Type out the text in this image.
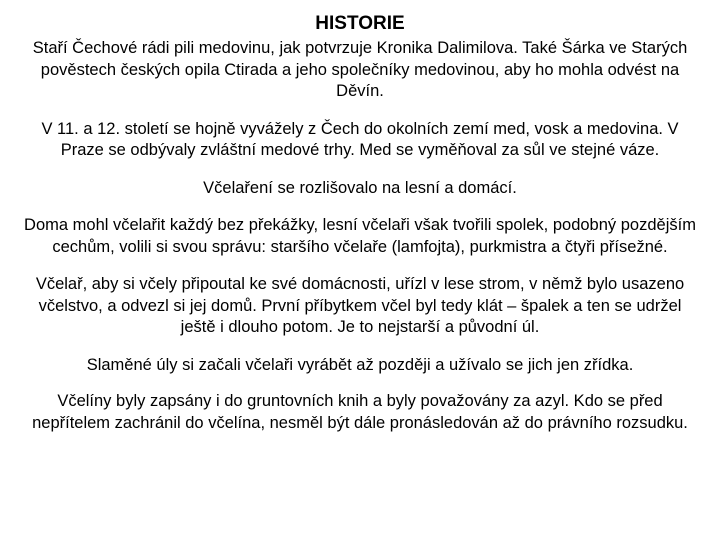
HISTORIE

Staří Čechové rádi pili medovinu, jak potvrzuje Kronika Dalimilova. Také Šárka ve Starých pověstech českých opila Ctirada a jeho společníky medovinou, aby ho mohla odvést na Děvín.

V 11. a 12. století se hojně vyvážely z Čech do okolních zemí med, vosk a medovina. V Praze se odbývaly zvláštní medové trhy. Med se vyměňoval za sůl ve stejné váze.

Včelaření se rozlišovalo na lesní a domácí.

Doma mohl včelařit každý bez překážky, lesní včelaři však tvořili spolek, podobný pozdějším cechům, volili si svou správu: staršího včelaře (lamfojta), purkmistra a čtyři přísežné.

Včelař, aby si včely připoutal ke své domácnosti, uřízl v lese strom, v němž bylo usazeno včelstvo, a odvezl si jej domů. První příbytkem včel byl tedy klát – špalek a ten se udržel ještě i dlouho potom. Je to nejstarší a původní úl.

Slaměné úly si začali včelaři vyrábět až později a užívalo se jich jen zřídka.

Včelíny byly zapsány i do gruntovních knih a byly považovány za azyl. Kdo se před nepřítelem zachránil do včelína, nesměl být dále pronásledován až do právního rozsudku.
